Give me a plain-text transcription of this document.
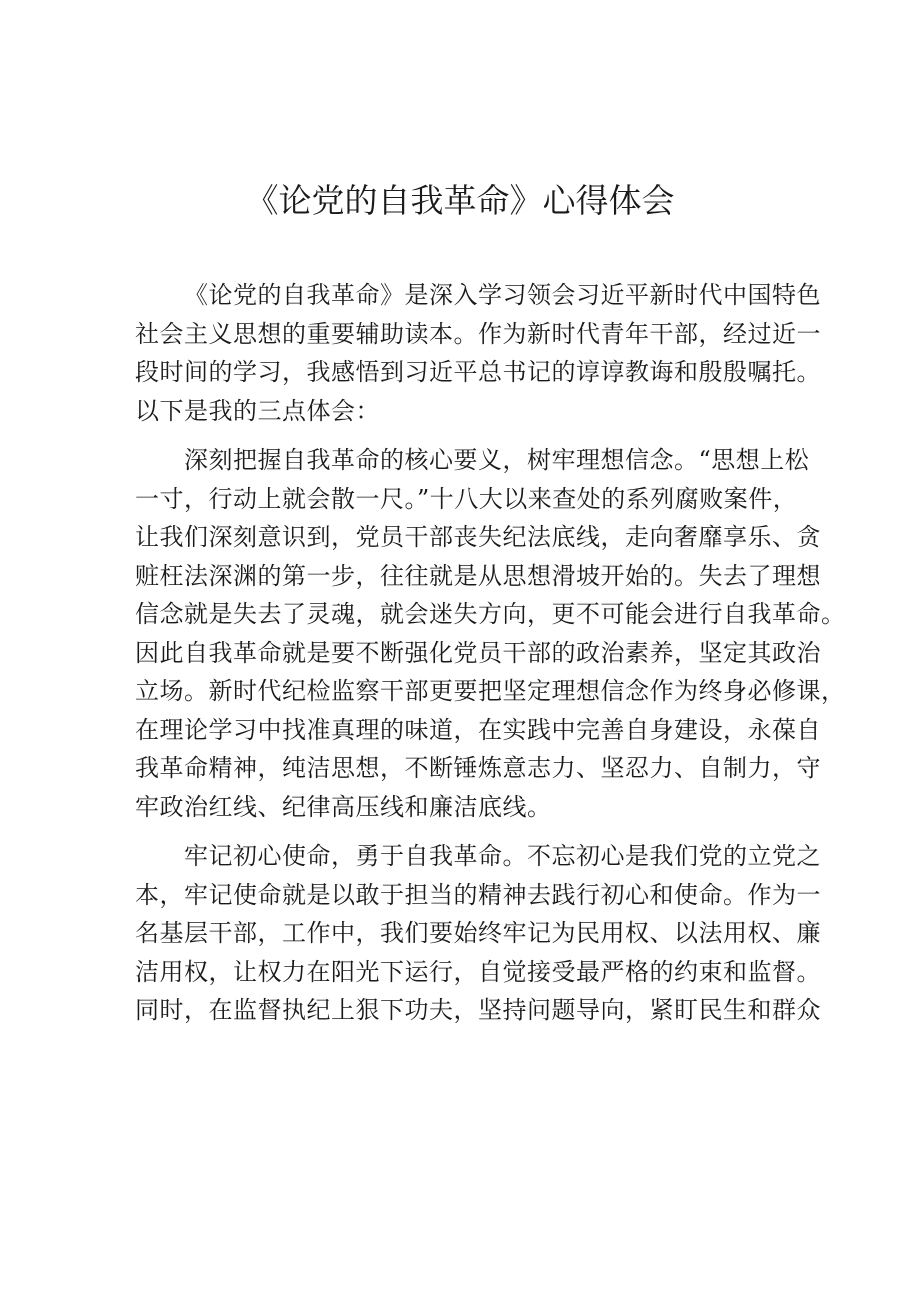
《论党的自我革命》心得体会
《论党的自我革命》是深入学习领会习近平新时代中国特色
社会主义思想的重要辅助读本。作为新时代青年干部，经过近一
段时间的学习，我感悟到习近平总书记的谆谆教诲和殷殷嘱托。
以下是我的三点体会：
深刻把握自我革命的核心要义，树牢理想信念。“思想上松
一寸，行动上就会散一尺。”十八大以来查处的系列腐败案件，
让我们深刻意识到，党员干部丧失纪法底线，走向奢靡享乐、贪
赃枉法深渊的第一步，往往就是从思想滑坡开始的。失去了理想
信念就是失去了灵魂，就会迷失方向，更不可能会进行自我革命。
因此自我革命就是要不断强化党员干部的政治素养，坚定其政治
立场。新时代纪检监察干部更要把坚定理想信念作为终身必修课，
在理论学习中找准真理的味道，在实践中完善自身建设，永葆自
我革命精神，纯洁思想，不断锤炼意志力、坚忍力、自制力，守
牢政治红线、纪律高压线和廉洁底线。
牢记初心使命，勇于自我革命。不忘初心是我们党的立党之
本，牢记使命就是以敢于担当的精神去践行初心和使命。作为一
名基层干部，工作中，我们要始终牢记为民用权、以法用权、廉
洁用权，让权力在阳光下运行，自觉接受最严格的约束和监督。
同时，在监督执纪上狠下功夫，坚持问题导向，紧盯民生和群众
